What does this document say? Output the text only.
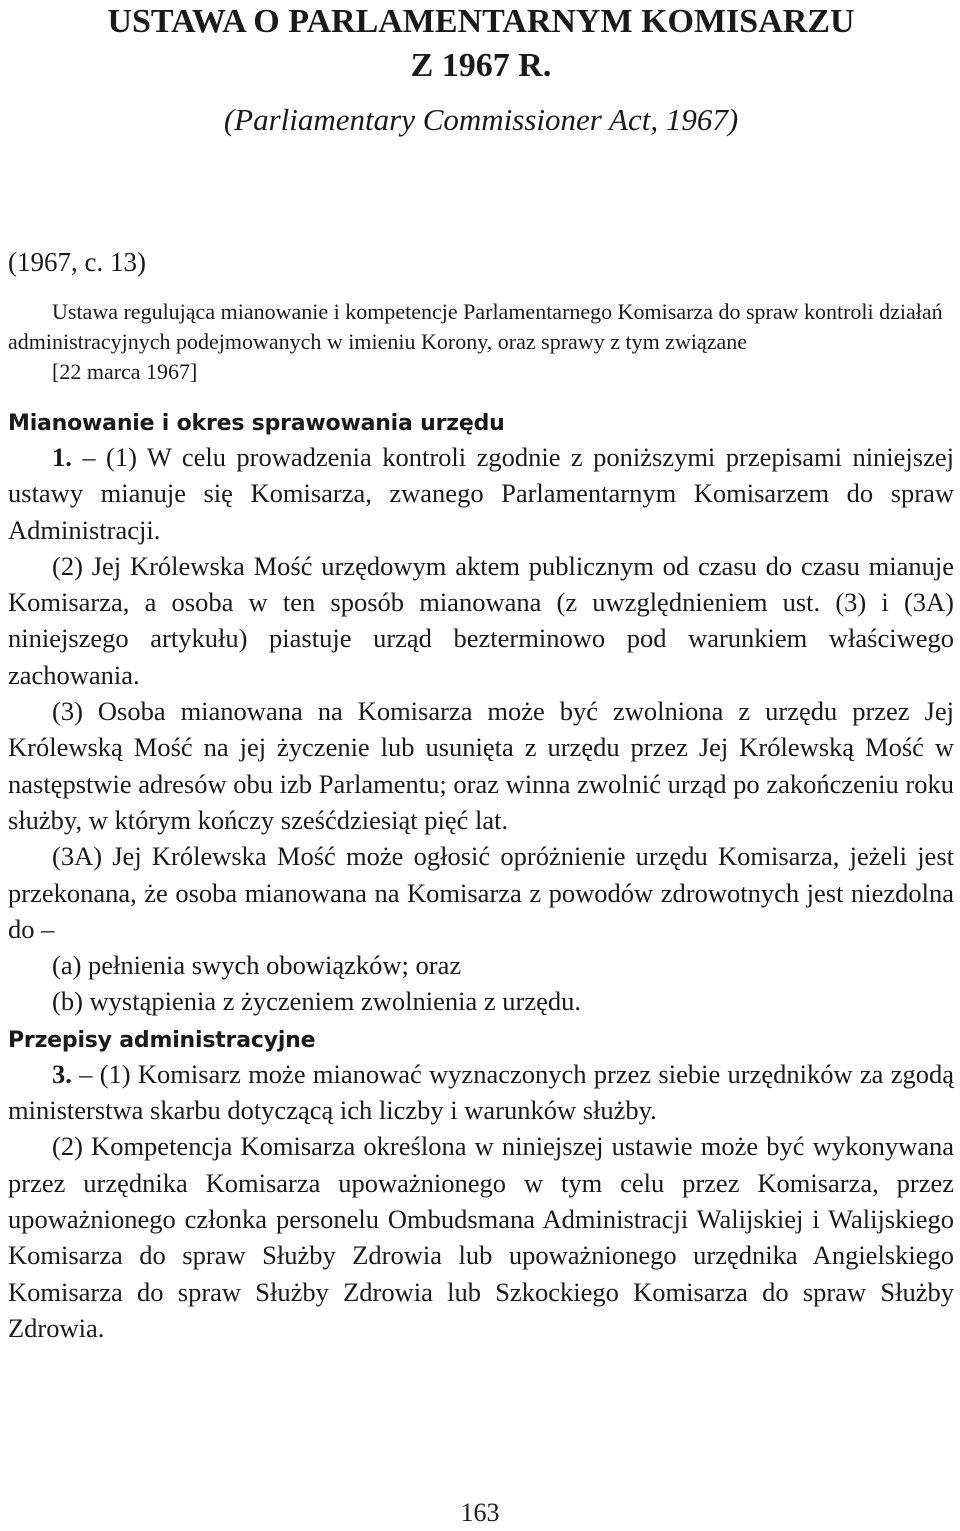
USTAWA O PARLAMENTARNYM KOMISARZU
Z 1967 R.
(Parliamentary Commissioner Act, 1967)
(1967, c. 13)
Ustawa regulująca mianowanie i kompetencje Parlamentarnego Komisarza do spraw kontroli działań administracyjnych podejmowanych w imieniu Korony, oraz sprawy z tym związane
[22 marca 1967]
Mianowanie i okres sprawowania urzędu

1. – (1) W celu prowadzenia kontroli zgodnie z poniższymi przepisami niniejszej ustawy mianuje się Komisarza, zwanego Parlamentarnym Komisarzem do spraw Administracji.

(2) Jej Królewska Mość urzędowym aktem publicznym od czasu do czasu mianuje Komisarza, a osoba w ten sposób mianowana (z uwzględnieniem ust. (3) i (3A) niniejszego artykułu) piastuje urząd bezterminowo pod warunkiem właściwego zachowania.

(3) Osoba mianowana na Komisarza może być zwolniona z urzędu przez Jej Królewską Mość na jej życzenie lub usunięta z urzędu przez Jej Królewską Mość w następstwie adresów obu izb Parlamentu; oraz winna zwolnić urząd po zakończeniu roku służby, w którym kończy sześćdziesiąt pięć lat.

(3A) Jej Królewska Mość może ogłosić opróżnienie urzędu Komisarza, jeżeli jest przekonana, że osoba mianowana na Komisarza z powodów zdrowotnych jest niezdolna do –

(a) pełnienia swych obowiązków; oraz

(b) wystąpienia z życzeniem zwolnienia z urzędu.

Przepisy administracyjne

3. – (1) Komisarz może mianować wyznaczonych przez siebie urzędników za zgodą ministerstwa skarbu dotyczącą ich liczby i warunków służby.

(2) Kompetencja Komisarza określona w niniejszej ustawie może być wykonywana przez urzędnika Komisarza upoważnionego w tym celu przez Komisarza, przez upoważnionego członka personelu Ombudsmana Administracji Walijskiej i Walijskiego Komisarza do spraw Służby Zdrowia lub upoważnionego urzędnika Angielskiego Komisarza do spraw Służby Zdrowia lub Szkockiego Komisarza do spraw Służby Zdrowia.

163
